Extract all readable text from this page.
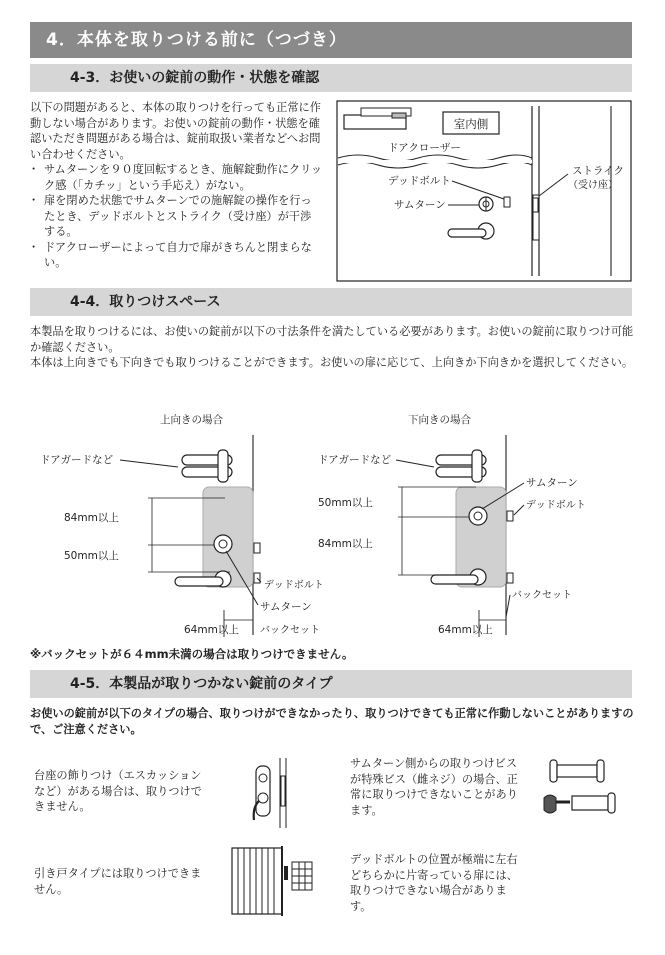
4．本体を取りつける前に（つづき）
4-3．お使いの錠前の動作・状態を確認

以下の問題があると、本体の取りつけを行っても正常に作動しない場合があります。お使いの錠前の動作・状態を確認いただき問題がある場合は、錠前取扱い業者などへお問い合わせください。

・ サムターンを９０度回転するとき、施解錠動作にクリック感（「カチッ」という手応え）がない。
・ 扉を閉めた状態でサムターンでの施解錠の操作を行ったとき、デッドボルトとストライク（受け座）が干渉する。
・ ドアクローザーによって自力で扉がきちんと閉まらない。
室内側
ドアクローザー
デッドボルト
サムターン
ストライク
（受け座）
4-4．取りつけスペース

本製品を取りつけるには、お使いの錠前が以下の寸法条件を満たしている必要があります。お使いの錠前に取りつけ可能か確認ください。

本体は上向きでも下向きでも取りつけることができます。お使いの扉に応じて、上向きか下向きかを選択してください。

上向きの場合
ドアガードなど
84mm以上
50mm以上
デッドボルト
サムターン
64mm以上 バックセット
下向きの場合
ドアガードなど
50mm以上
84mm以上
サムターン
デッドボルト
バックセット
64mm以上
※バックセットが６４mm未満の場合は取りつけできません。
4-5．本製品が取りつかない錠前のタイプ
お使いの錠前が以下のタイプの場合、取りつけができなかったり、取りつけできても正常に作動しないことがありますので、ご注意ください。
台座の飾りつけ（エスカッションなど）がある場合は、取りつけできません。
サムターン側からの取りつけビスが特殊ビス（雌ネジ）の場合、正常に取りつけできないことがあります。
引き戸タイプには取りつけできません。
デッドボルトの位置が極端に左右どちらかに片寄っている扉には、取りつけできない場合があります。
